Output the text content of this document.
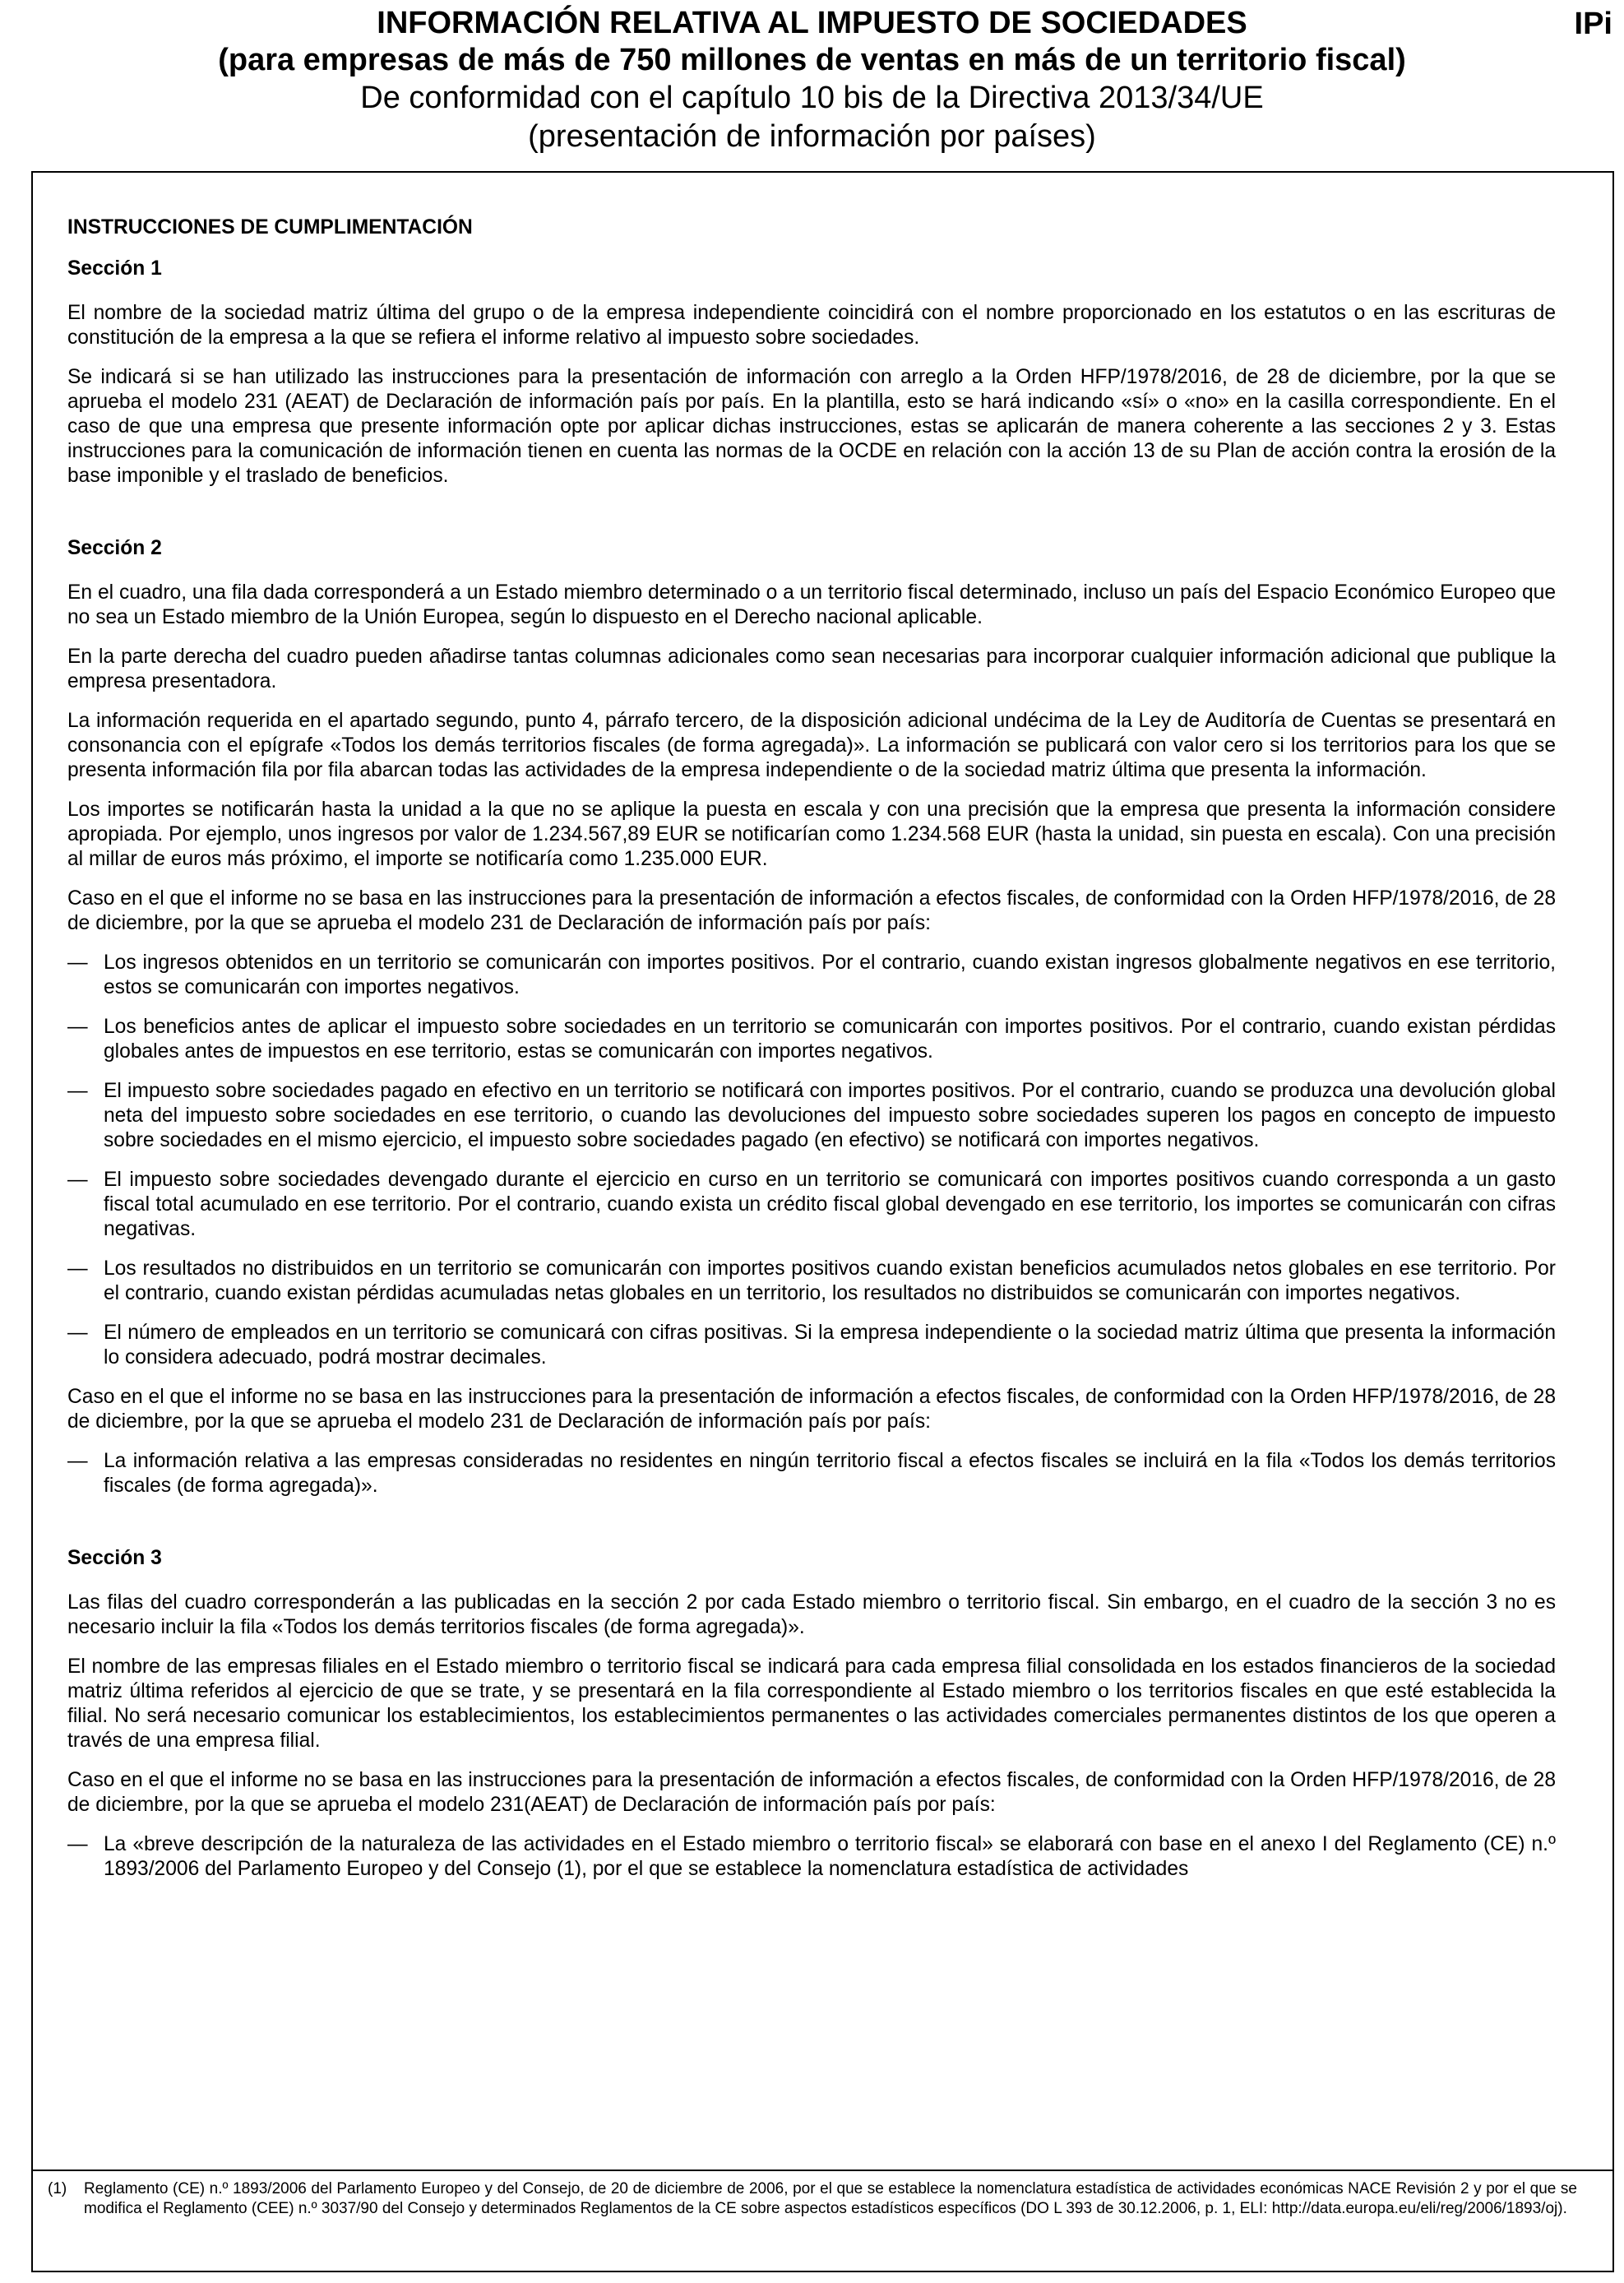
IPi

INFORMACIÓN RELATIVA AL IMPUESTO DE SOCIEDADES

(para empresas de más de 750 millones de ventas en más de un territorio fiscal)

De conformidad con el capítulo 10 bis de la Directiva 2013/34/UE

(presentación de información por países)

INSTRUCCIONES DE CUMPLIMENTACIÓN
Sección 1

El nombre de la sociedad matriz última del grupo o de la empresa independiente coincidirá con el nombre proporcionado en los estatutos o en las escrituras de constitución de la empresa a la que se refiera el informe relativo al impuesto sobre sociedades.

Se indicará si se han utilizado las instrucciones para la presentación de información con arreglo a la Orden HFP/1978/2016, de 28 de diciembre, por la que se aprueba el modelo 231 (AEAT) de Declaración de información país por país. En la plantilla, esto se hará indicando «sí» o «no» en la casilla correspondiente. En el caso de que una empresa que presente información opte por aplicar dichas instrucciones, estas se aplicarán de manera coherente a las secciones 2 y 3. Estas instrucciones para la comunicación de información tienen en cuenta las normas de la OCDE en relación con la acción 13 de su Plan de acción contra la erosión de la base imponible y el traslado de beneficios.

Sección 2

En el cuadro, una fila dada corresponderá a un Estado miembro determinado o a un territorio fiscal determinado, incluso un país del Espacio Económico Europeo que no sea un Estado miembro de la Unión Europea, según lo dispuesto en el Derecho nacional aplicable.

En la parte derecha del cuadro pueden añadirse tantas columnas adicionales como sean necesarias para incorporar cualquier información adicional que publique la empresa presentadora.

La información requerida en el apartado segundo, punto 4, párrafo tercero, de la disposición adicional undécima de la Ley de Auditoría de Cuentas se presentará en consonancia con el epígrafe «Todos los demás territorios fiscales (de forma agregada)». La información se publicará con valor cero si los territorios para los que se presenta información fila por fila abarcan todas las actividades de la empresa independiente o de la sociedad matriz última que presenta la información.

Los importes se notificarán hasta la unidad a la que no se aplique la puesta en escala y con una precisión que la empresa que presenta la información considere apropiada. Por ejemplo, unos ingresos por valor de 1.234.567,89 EUR se notificarían como 1.234.568 EUR (hasta la unidad, sin puesta en escala). Con una precisión al millar de euros más próximo, el importe se notificaría como 1.235.000 EUR.

Caso en el que el informe no se basa en las instrucciones para la presentación de información a efectos fiscales, de conformidad con la Orden HFP/1978/2016, de 28 de diciembre, por la que se aprueba el modelo 231 de Declaración de información país por país:

— Los ingresos obtenidos en un territorio se comunicarán con importes positivos. Por el contrario, cuando existan ingresos globalmente negativos en ese territorio, estos se comunicarán con importes negativos.
— Los beneficios antes de aplicar el impuesto sobre sociedades en un territorio se comunicarán con importes positivos. Por el contrario, cuando existan pérdidas globales antes de impuestos en ese territorio, estas se comunicarán con importes negativos.
— El impuesto sobre sociedades pagado en efectivo en un territorio se notificará con importes positivos. Por el contrario, cuando se produzca una devolución global neta del impuesto sobre sociedades en ese territorio, o cuando las devoluciones del impuesto sobre sociedades superen los pagos en concepto de impuesto sobre sociedades en el mismo ejercicio, el impuesto sobre sociedades pagado (en efectivo) se notificará con importes negativos.
— El impuesto sobre sociedades devengado durante el ejercicio en curso en un territorio se comunicará con importes positivos cuando corresponda a un gasto fiscal total acumulado en ese territorio. Por el contrario, cuando exista un crédito fiscal global devengado en ese territorio, los importes se comunicarán con cifras negativas.
— Los resultados no distribuidos en un territorio se comunicarán con importes positivos cuando existan beneficios acumulados netos globales en ese territorio. Por el contrario, cuando existan pérdidas acumuladas netas globales en un territorio, los resultados no distribuidos se comunicarán con importes negativos.
— El número de empleados en un territorio se comunicará con cifras positivas. Si la empresa independiente o la sociedad matriz última que presenta la información lo considera adecuado, podrá mostrar decimales.

Caso en el que el informe no se basa en las instrucciones para la presentación de información a efectos fiscales, de conformidad con la Orden HFP/1978/2016, de 28 de diciembre, por la que se aprueba el modelo 231 de Declaración de información país por país:

— La información relativa a las empresas consideradas no residentes en ningún territorio fiscal a efectos fiscales se incluirá en la fila «Todos los demás territorios fiscales (de forma agregada)».
Sección 3

Las filas del cuadro corresponderán a las publicadas en la sección 2 por cada Estado miembro o territorio fiscal. Sin embargo, en el cuadro de la sección 3 no es necesario incluir la fila «Todos los demás territorios fiscales (de forma agregada)».

El nombre de las empresas filiales en el Estado miembro o territorio fiscal se indicará para cada empresa filial consolidada en los estados financieros de la sociedad matriz última referidos al ejercicio de que se trate, y se presentará en la fila correspondiente al Estado miembro o los territorios fiscales en que esté establecida la filial. No será necesario comunicar los establecimientos, los establecimientos permanentes o las actividades comerciales permanentes distintos de los que operen a través de una empresa filial.

Caso en el que el informe no se basa en las instrucciones para la presentación de información a efectos fiscales, de conformidad con la Orden HFP/1978/2016, de 28 de diciembre, por la que se aprueba el modelo 231(AEAT) de Declaración de información país por país:

— La «breve descripción de la naturaleza de las actividades en el Estado miembro o territorio fiscal» se elaborará con base en el anexo I del Reglamento (CE) n.º 1893/2006 del Parlamento Europeo y del Consejo (1), por el que se establece la nomenclatura estadística de actividades
(1) Reglamento (CE) n.º 1893/2006 del Parlamento Europeo y del Consejo, de 20 de diciembre de 2006, por el que se establece la nomenclatura estadística de actividades económicas NACE Revisión 2 y por el que se modifica el Reglamento (CEE) n.º 3037/90 del Consejo y determinados Reglamentos de la CE sobre aspectos estadísticos específicos (DO L 393 de 30.12.2006, p. 1, ELI: http://data.europa.eu/eli/reg/2006/1893/oj).
